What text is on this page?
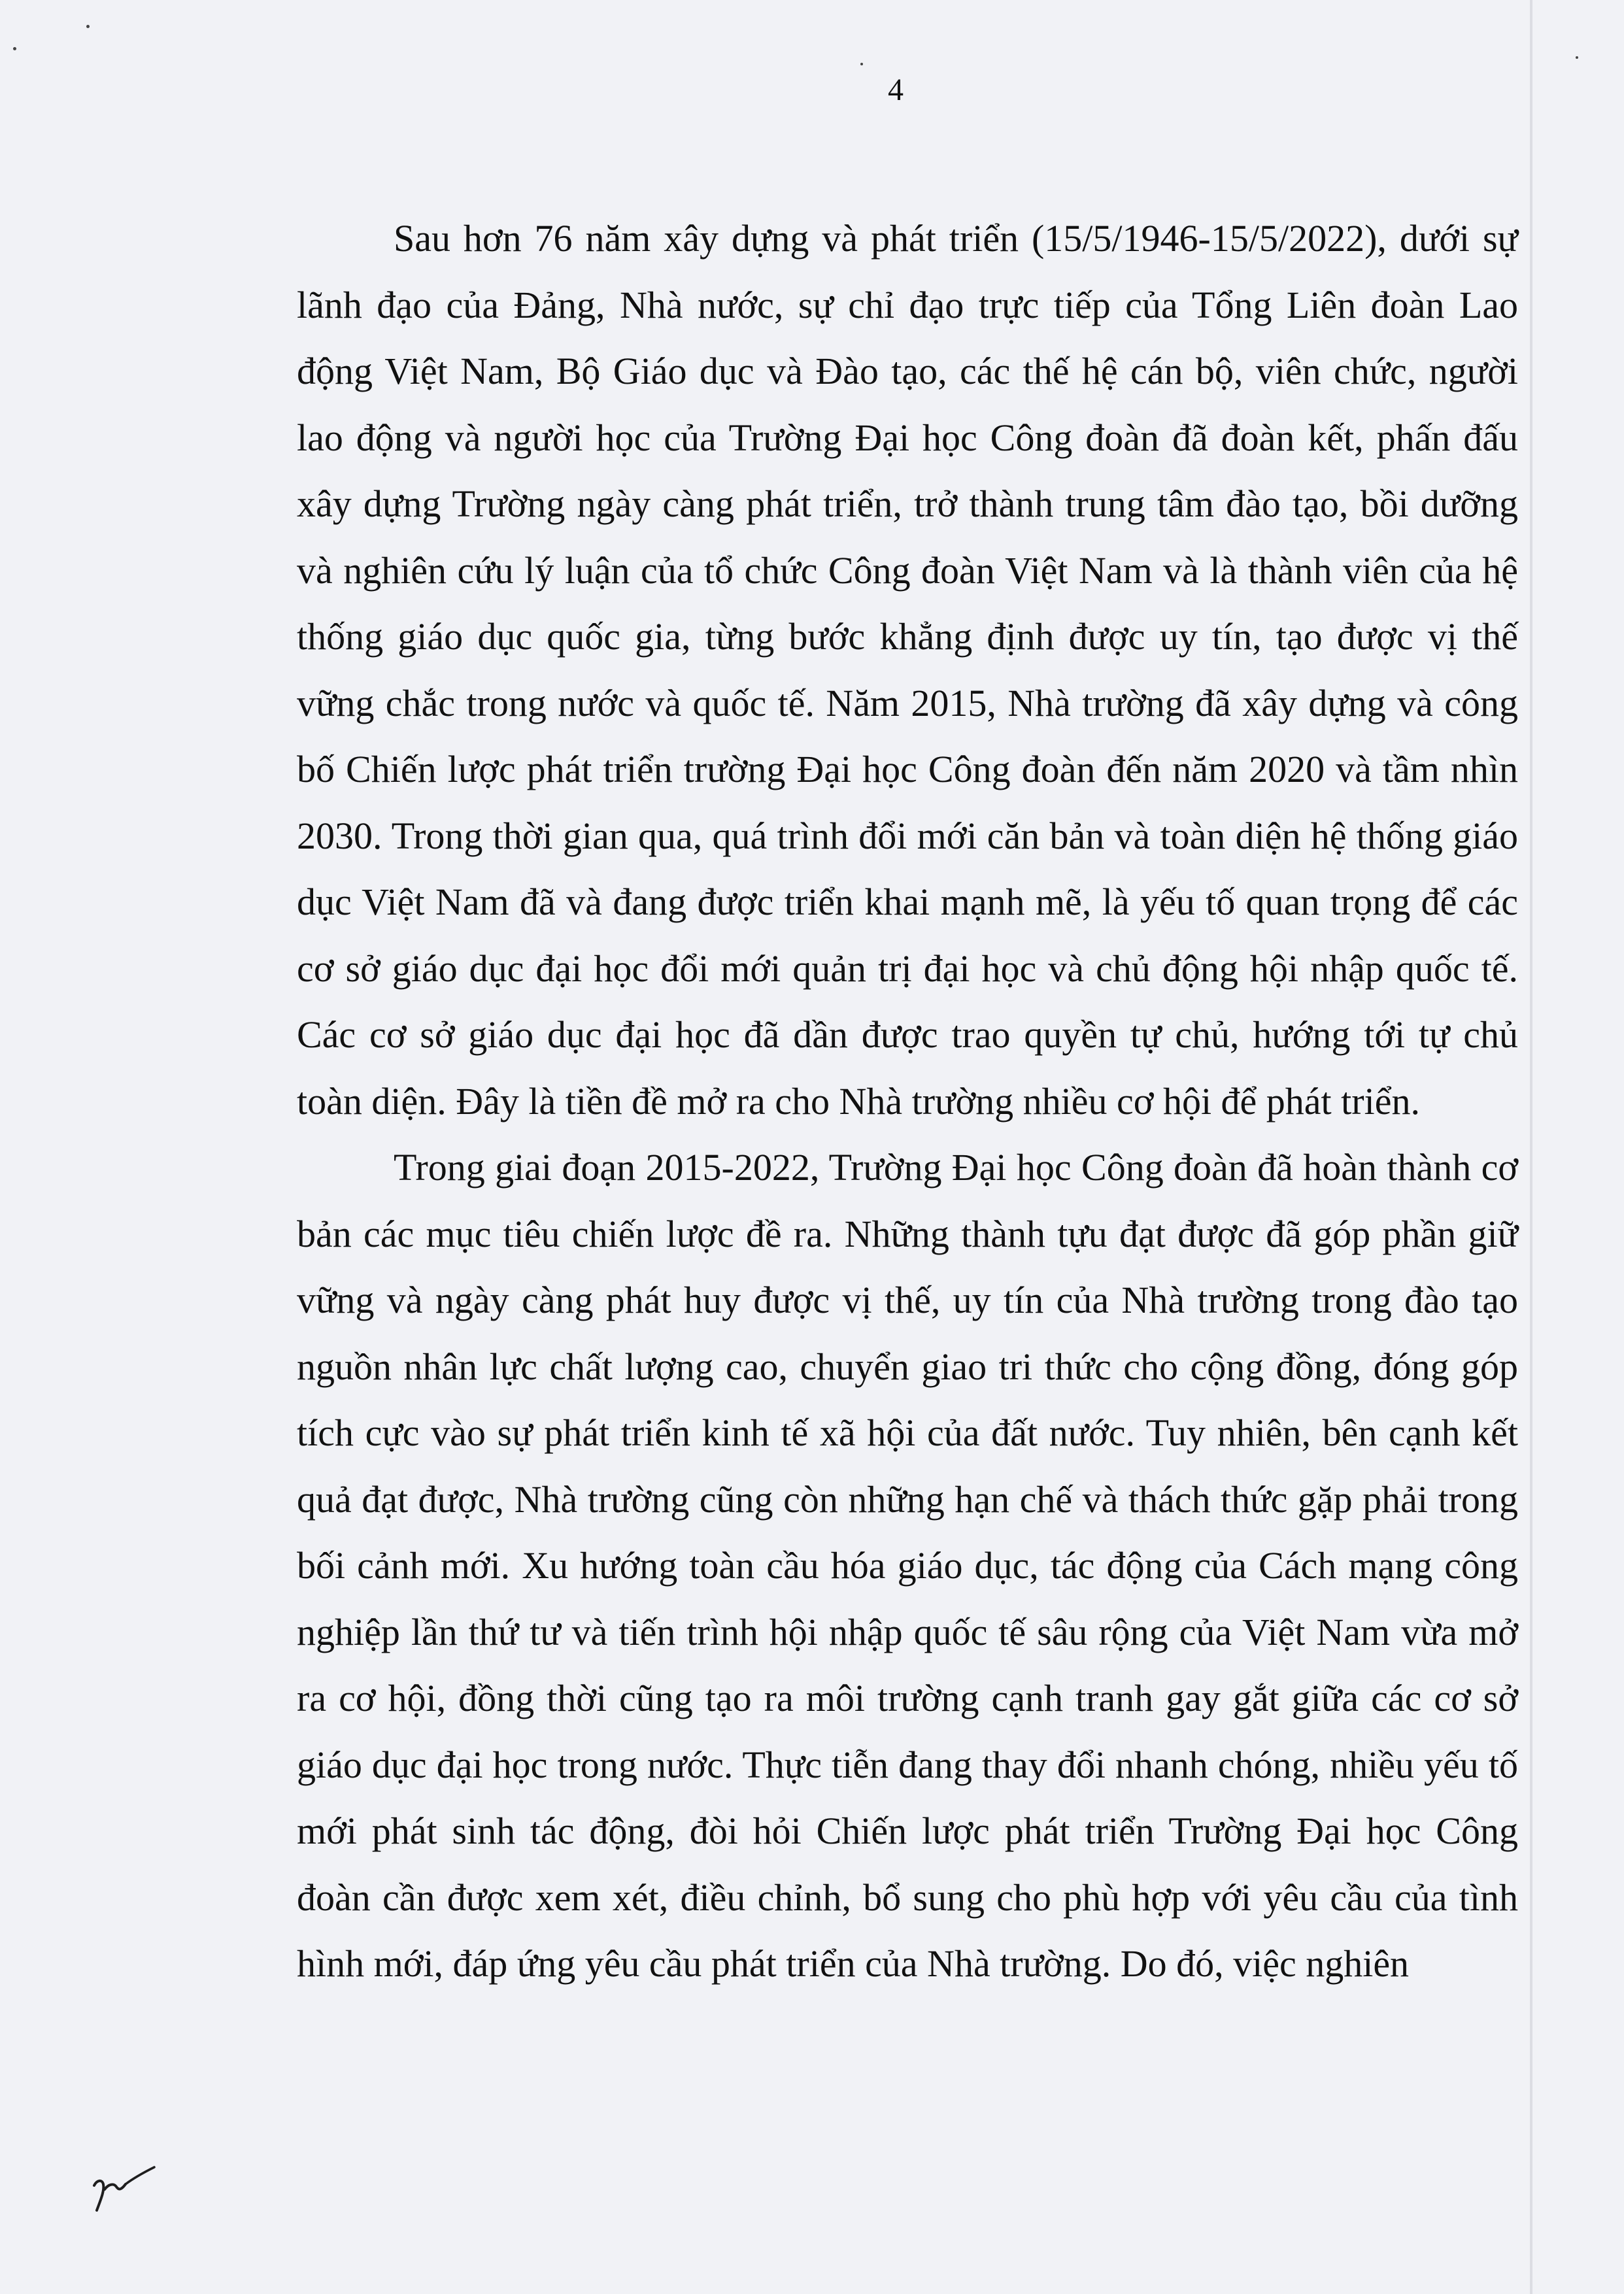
4

Sau hơn 76 năm xây dựng và phát triển (15/5/1946-15/5/2022), dưới sự lãnh đạo của Đảng, Nhà nước, sự chỉ đạo trực tiếp của Tổng Liên đoàn Lao động Việt Nam, Bộ Giáo dục và Đào tạo, các thế hệ cán bộ, viên chức, người lao động và người học của Trường Đại học Công đoàn đã đoàn kết, phấn đấu xây dựng Trường ngày càng phát triển, trở thành trung tâm đào tạo, bồi dưỡng và nghiên cứu lý luận của tổ chức Công đoàn Việt Nam và là thành viên của hệ thống giáo dục quốc gia, từng bước khẳng định được uy tín, tạo được vị thế vững chắc trong nước và quốc tế. Năm 2015, Nhà trường đã xây dựng và công bố Chiến lược phát triển trường Đại học Công đoàn đến năm 2020 và tầm nhìn 2030. Trong thời gian qua, quá trình đổi mới căn bản và toàn diện hệ thống giáo dục Việt Nam đã và đang được triển khai mạnh mẽ, là yếu tố quan trọng để các cơ sở giáo dục đại học đổi mới quản trị đại học và chủ động hội nhập quốc tế. Các cơ sở giáo dục đại học đã dần được trao quyền tự chủ, hướng tới tự chủ toàn diện. Đây là tiền đề mở ra cho Nhà trường nhiều cơ hội để phát triển.

Trong giai đoạn 2015-2022, Trường Đại học Công đoàn đã hoàn thành cơ bản các mục tiêu chiến lược đề ra. Những thành tựu đạt được đã góp phần giữ vững và ngày càng phát huy được vị thế, uy tín của Nhà trường trong đào tạo nguồn nhân lực chất lượng cao, chuyển giao tri thức cho cộng đồng, đóng góp tích cực vào sự phát triển kinh tế xã hội của đất nước. Tuy nhiên, bên cạnh kết quả đạt được, Nhà trường cũng còn những hạn chế và thách thức gặp phải trong bối cảnh mới. Xu hướng toàn cầu hóa giáo dục, tác động của Cách mạng công nghiệp lần thứ tư và tiến trình hội nhập quốc tế sâu rộng của Việt Nam vừa mở ra cơ hội, đồng thời cũng tạo ra môi trường cạnh tranh gay gắt giữa các cơ sở giáo dục đại học trong nước. Thực tiễn đang thay đổi nhanh chóng, nhiều yếu tố mới phát sinh tác động, đòi hỏi Chiến lược phát triển Trường Đại học Công đoàn cần được xem xét, điều chỉnh, bổ sung cho phù hợp với yêu cầu của tình hình mới, đáp ứng yêu cầu phát triển của Nhà trường. Do đó, việc nghiên
